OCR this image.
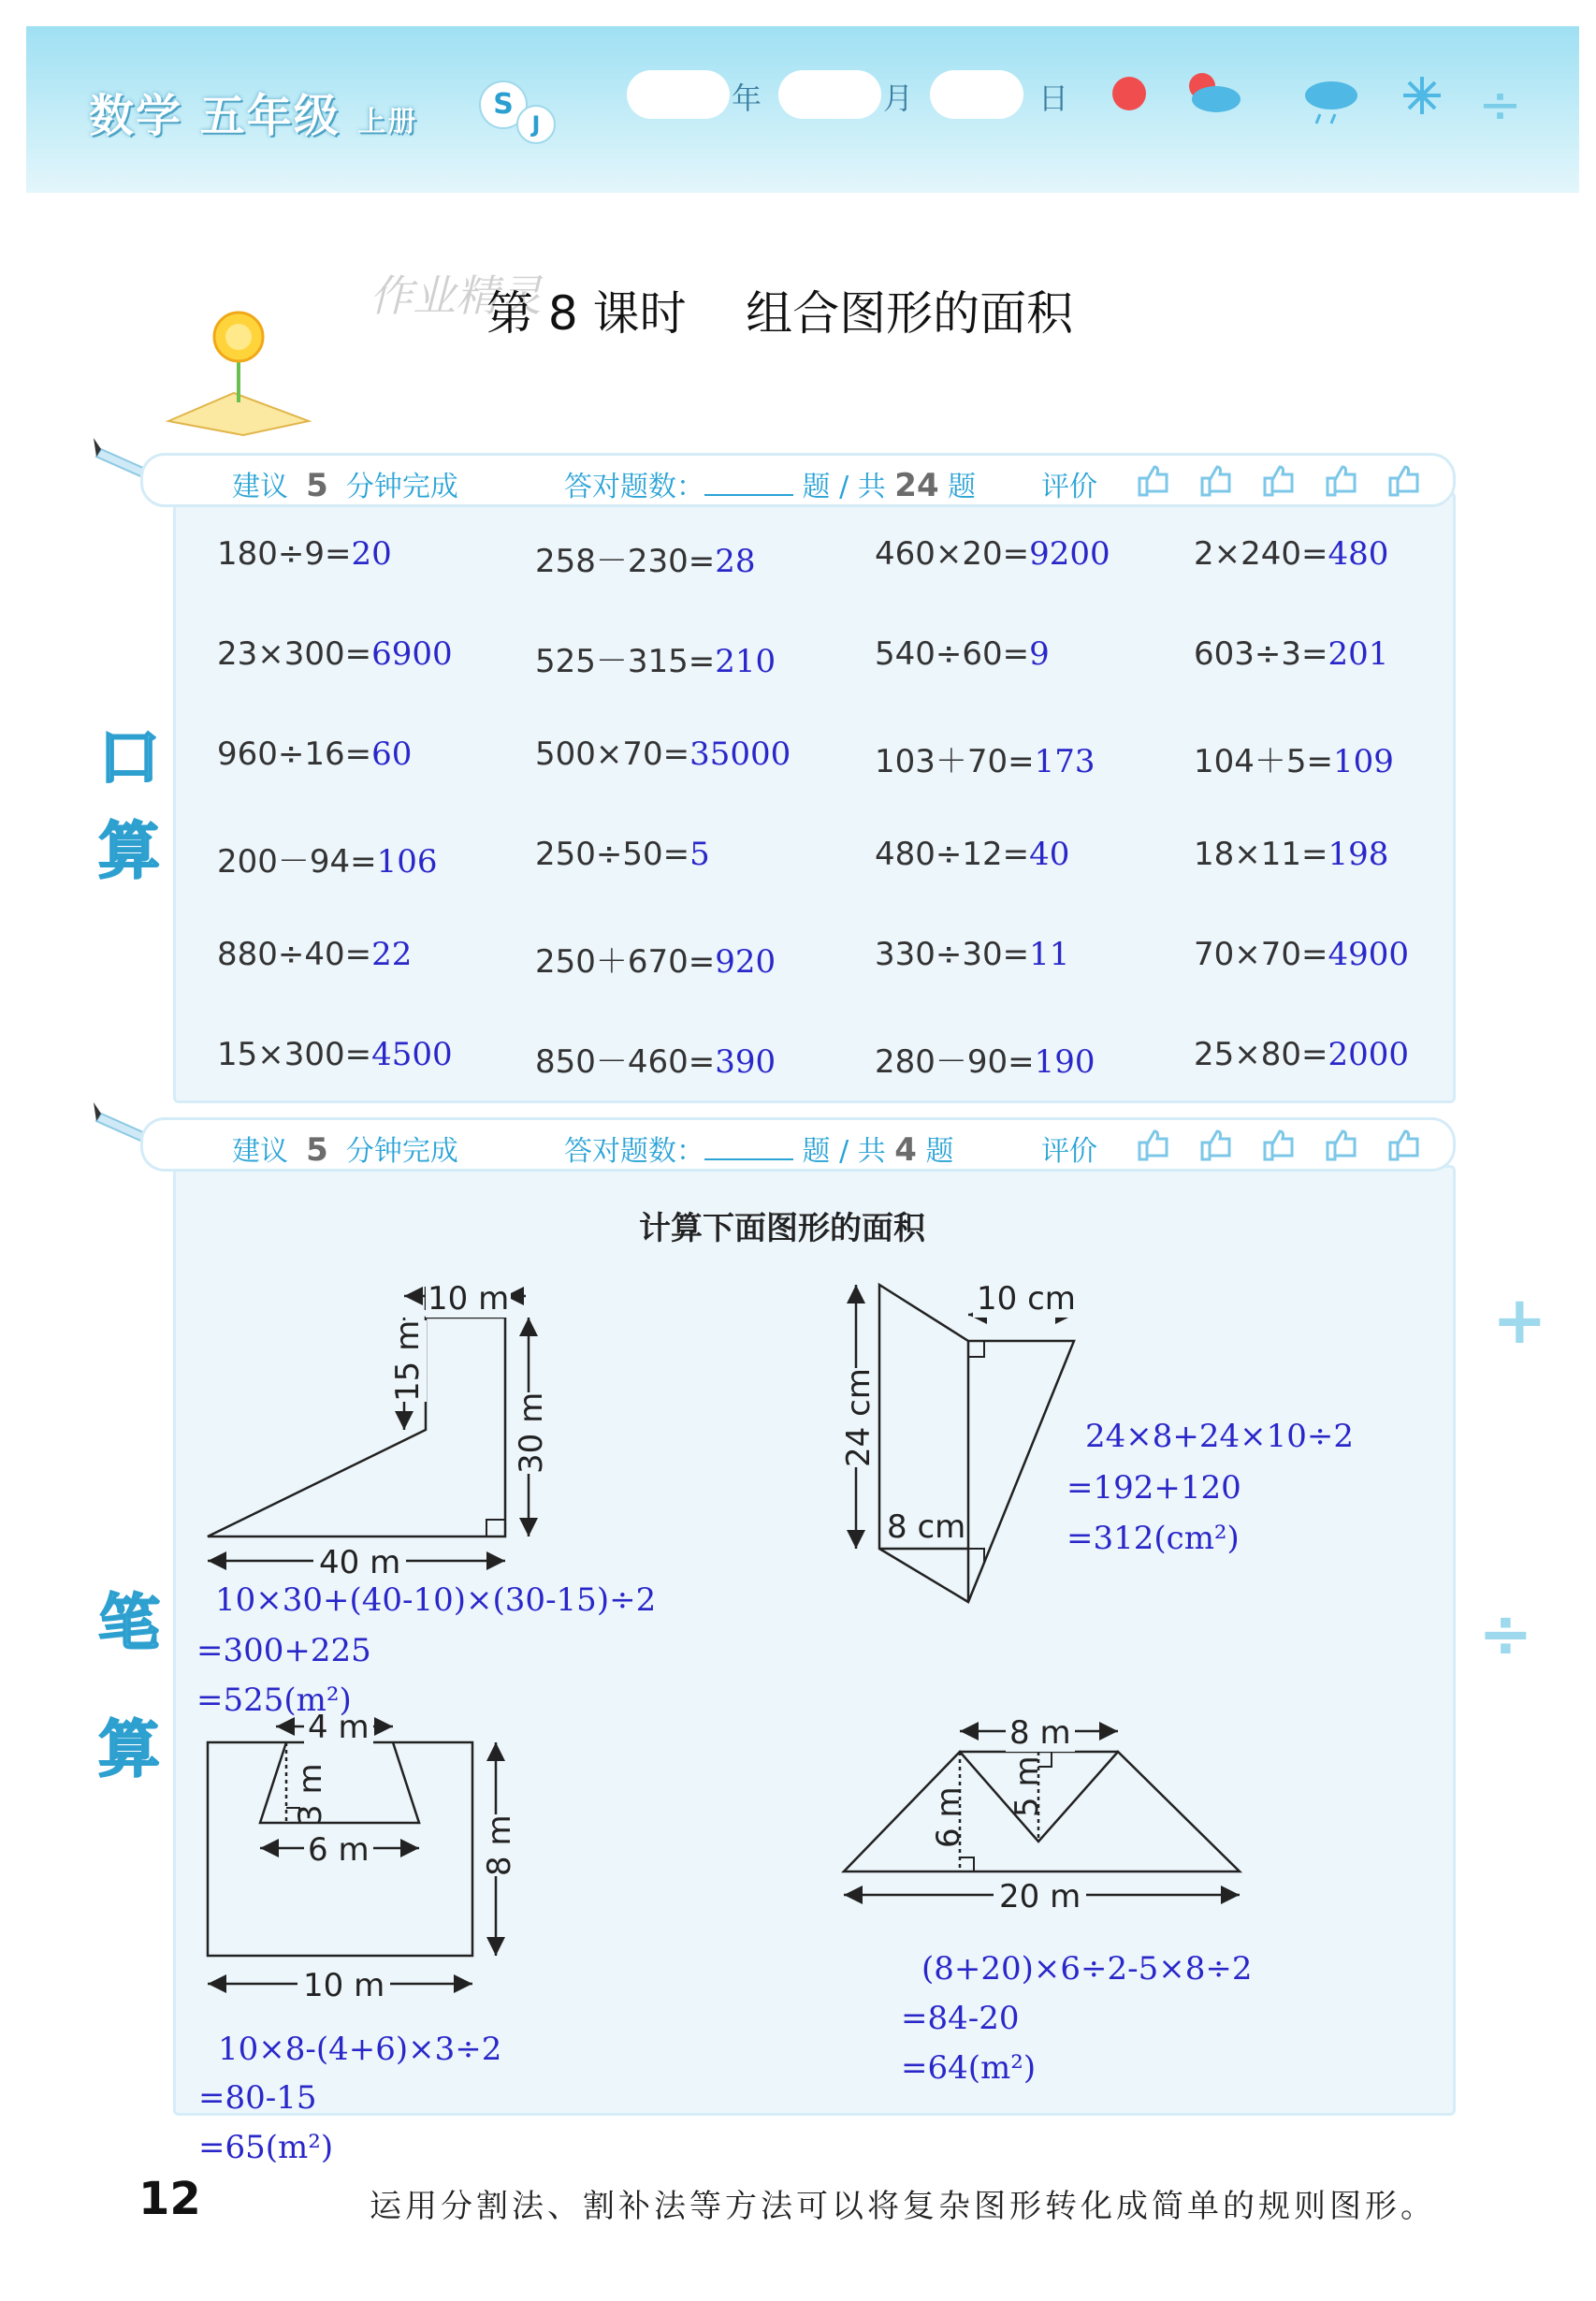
÷
数学 五年级 上册
S
J
年	月	日
作业精灵
第 8 课时    组合图形的面积
建议 5 分钟完成	答对题数：	题 / 共 24 题 评价
口
算
180÷9=20	258－230=28	460×20=9200	2×240=480
23×300=6900	525－315=210	540÷60=9	603÷3=201
960÷16=60	500×70=35000	103＋70=173	104＋5=109
200－94=106	250÷50=5	480÷12=40	18×11=198
880÷40=22	250＋670=920	330÷30=11	70×70=4900
15×300=4500	850－460=390	280－90=190	25×80=2000
建议 5 分钟完成	答对题数：	题 / 共 4 题	评价
笔
算
+
÷
计算下面图形的面积
10 m
15 m
30 m
40 m
10 cm
24 cm
8 cm
4 m
3 m
6 m	8 m
10 m
8 m
6 m
5 m
20 m
10×30+(40-10)×(30-15)÷2
=300+225
=525(m²)
24×8+24×10÷2
=192+120
=312(cm²)
10×8-(4+6)×3÷2
=80-15
=65(m²)
(8+20)×6÷2-5×8÷2
=84-20
=64(m²)
12	运用分割法、割补法等方法可以将复杂图形转化成简单的规则图形。
